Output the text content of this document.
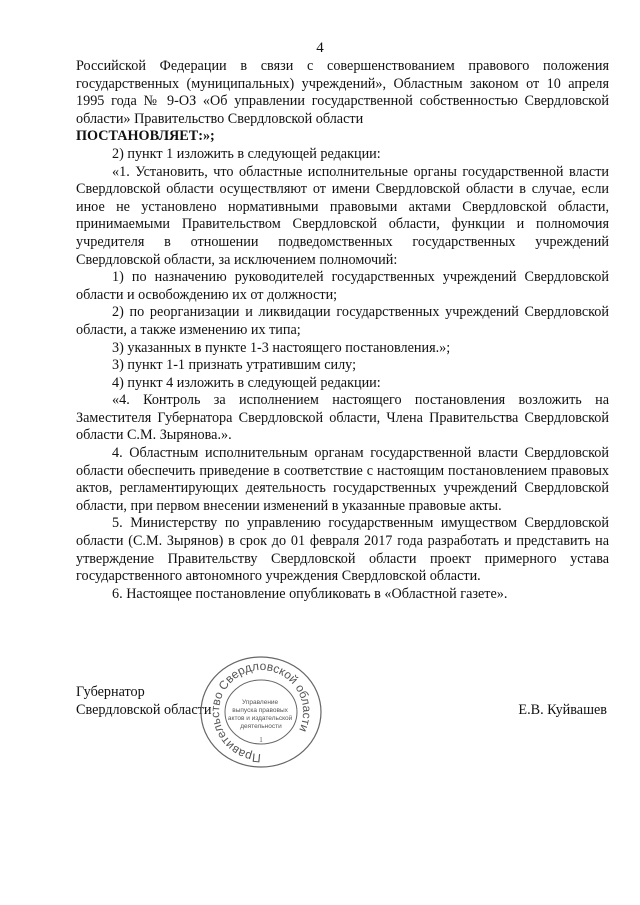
4

Российской Федерации в связи с совершенствованием правового положения государственных (муниципальных) учреждений», Областным законом от 10 апреля 1995 года № 9-ОЗ «Об управлении государственной собственностью Свердловской области» Правительство Свердловской области

ПОСТАНОВЛЯЕТ:»;

2) пункт 1 изложить в следующей редакции:

«1. Установить, что областные исполнительные органы государственной власти Свердловской области осуществляют от имени Свердловской области в случае, если иное не установлено нормативными правовыми актами Свердловской области, принимаемыми Правительством Свердловской области, функции и полномочия учредителя в отношении подведомственных государственных учреждений Свердловской области, за исключением полномочий:

1) по назначению руководителей государственных учреждений Свердловской области и освобождению их от должности;

2) по реорганизации и ликвидации государственных учреждений Свердловской области, а также изменению их типа;

3) указанных в пункте 1-3 настоящего постановления.»;

3) пункт 1-1 признать утратившим силу;

4) пункт 4 изложить в следующей редакции:

«4. Контроль за исполнением настоящего постановления возложить на Заместителя Губернатора Свердловской области, Члена Правительства Свердловской области С.М. Зырянова.».

4. Областным исполнительным органам государственной власти Свердловской области обеспечить приведение в соответствие с настоящим постановлением правовых актов, регламентирующих деятельность государственных учреждений Свердловской области, при первом внесении изменений в указанные правовые акты.

5. Министерству по управлению государственным имуществом Свердловской области (С.М. Зырянов) в срок до 01 февраля 2017 года разработать и представить на утверждение Правительству Свердловской области проект примерного устава государственного автономного учреждения Свердловской области.

6. Настоящее постановление опубликовать в «Областной газете».

Губернатор
Свердловской области	Е.В. Куйвашев
Правительство Свердловской области
Управление выпуска правовых актов и издательской деятельности
1
